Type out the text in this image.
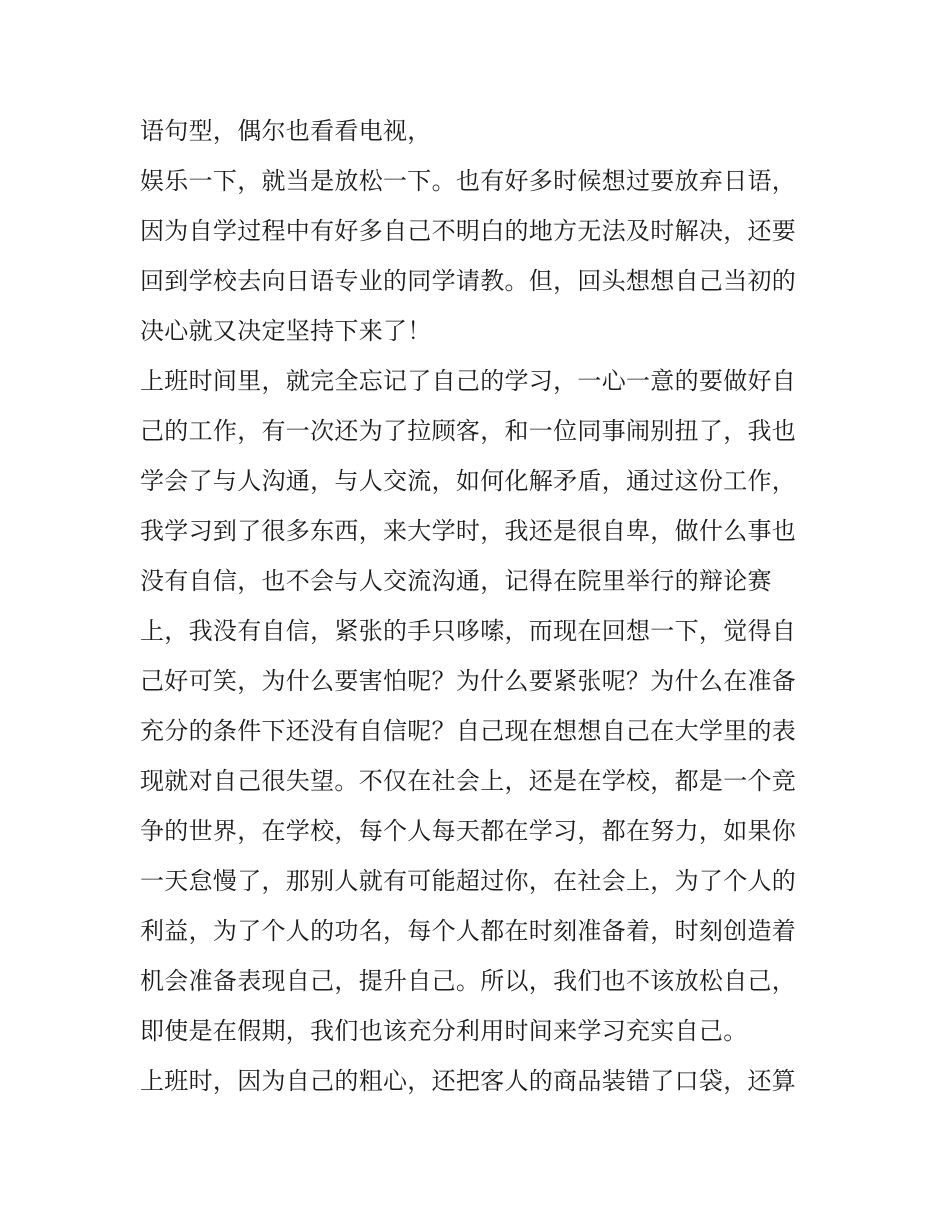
语句型，偶尔也看看电视，
娱乐一下，就当是放松一下。也有好多时候想过要放弃日语，
因为自学过程中有好多自己不明白的地方无法及时解决，还要
回到学校去向日语专业的同学请教。但，回头想想自己当初的
决心就又决定坚持下来了！
上班时间里，就完全忘记了自己的学习，一心一意的要做好自
己的工作，有一次还为了拉顾客，和一位同事闹别扭了，我也
学会了与人沟通，与人交流，如何化解矛盾，通过这份工作，
我学习到了很多东西，来大学时，我还是很自卑，做什么事也
没有自信，也不会与人交流沟通，记得在院里举行的辩论赛
上，我没有自信，紧张的手只哆嗦，而现在回想一下，觉得自
己好可笑，为什么要害怕呢？为什么要紧张呢？为什么在准备
充分的条件下还没有自信呢？自己现在想想自己在大学里的表
现就对自己很失望。不仅在社会上，还是在学校，都是一个竞
争的世界，在学校，每个人每天都在学习，都在努力，如果你
一天怠慢了，那别人就有可能超过你，在社会上，为了个人的
利益，为了个人的功名，每个人都在时刻准备着，时刻创造着
机会准备表现自己，提升自己。所以，我们也不该放松自己，
即使是在假期，我们也该充分利用时间来学习充实自己。
上班时，因为自己的粗心，还把客人的商品装错了口袋，还算
